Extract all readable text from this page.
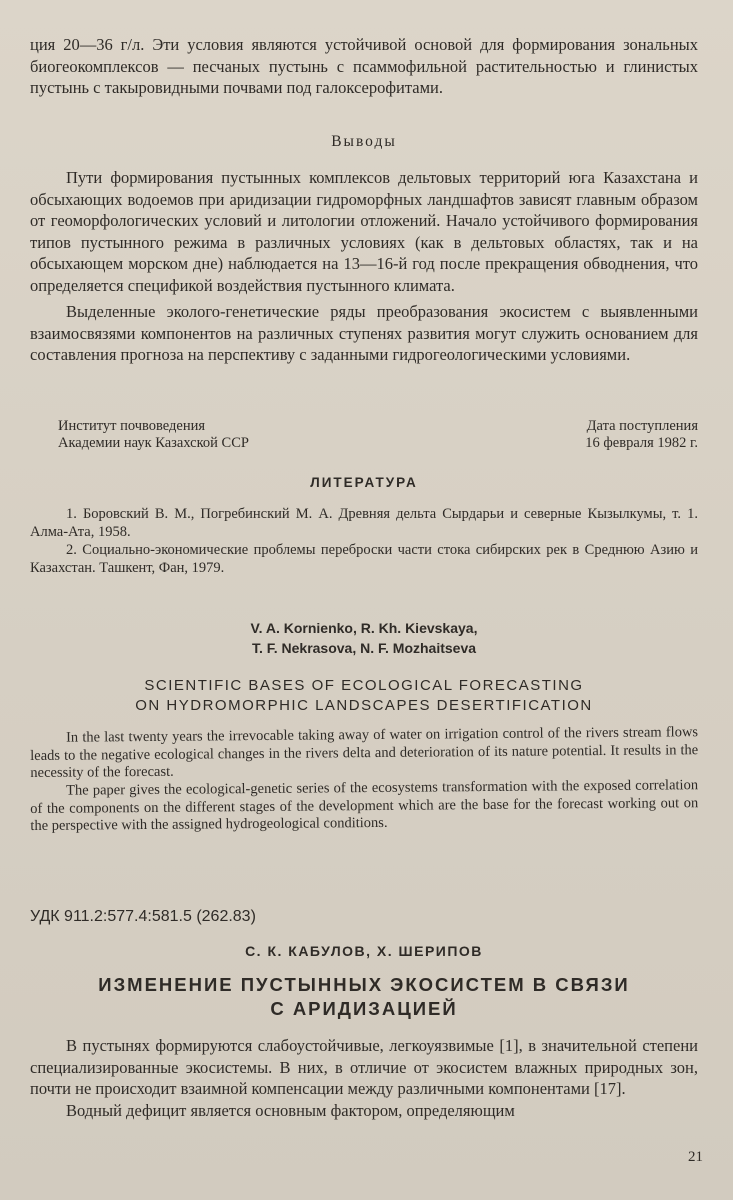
ция 20—36 г/л. Эти условия являются устойчивой основой для формирования зональных биогеокомплексов — песчаных пустынь с псаммофильной растительностью и глинистых пустынь с такыровидными почвами под галоксерофитами.

Выводы

Пути формирования пустынных комплексов дельтовых территорий юга Казахстана и обсыхающих водоемов при аридизации гидроморфных ландшафтов зависят главным образом от геоморфологических условий и литологии отложений. Начало устойчивого формирования типов пустынного режима в различных условиях (как в дельтовых областях, так и на обсыхающем морском дне) наблюдается на 13—16-й год после прекращения обводнения, что определяется спецификой воздействия пустынного климата.

Выделенные эколого-генетические ряды преобразования экосистем с выявленными взаимосвязями компонентов на различных ступенях развития могут служить основанием для составления прогноза на перспективу с заданными гидрогеологическими условиями.

Институт почвоведения
Академии наук Казахской ССР
Дата поступления
16 февраля 1982 г.

ЛИТЕРАТУРА

1. Боровский В. М., Погребинский М. А. Древняя дельта Сырдарьи и северные Кызылкумы, т. 1. Алма-Ата, 1958.

2. Социально-экономические проблемы переброски части стока сибирских рек в Среднюю Азию и Казахстан. Ташкент, Фан, 1979.

V. A. Kornienko, R. Kh. Kievskaya,
T. F. Nekrasova, N. F. Mozhaitseva
SCIENTIFIC BASES OF ECOLOGICAL FORECASTING
ON HYDROMORPHIC LANDSCAPES DESERTIFICATION

In the last twenty years the irrevocable taking away of water on irrigation control of the rivers stream flows leads to the negative ecological changes in the rivers delta and deterioration of its nature potential. It results in the necessity of the forecast.

The paper gives the ecological-genetic series of the ecosystems transformation with the exposed correlation of the components on the different stages of the development which are the base for the forecast working out on the perspective with the assigned hydrogeological conditions.

УДК 911.2:577.4:581.5 (262.83)

С. К. КАБУЛОВ, Х. ШЕРИПОВ

ИЗМЕНЕНИЕ ПУСТЫННЫХ ЭКОСИСТЕМ В СВЯЗИ

С АРИДИЗАЦИЕЙ

В пустынях формируются слабоустойчивые, легкоуязвимые [1], в значительной степени специализированные экосистемы. В них, в отличие от экосистем влажных природных зон, почти не происходит взаимной компенсации между различными компонентами [17].

Водный дефицит является основным фактором, определяющим

21
